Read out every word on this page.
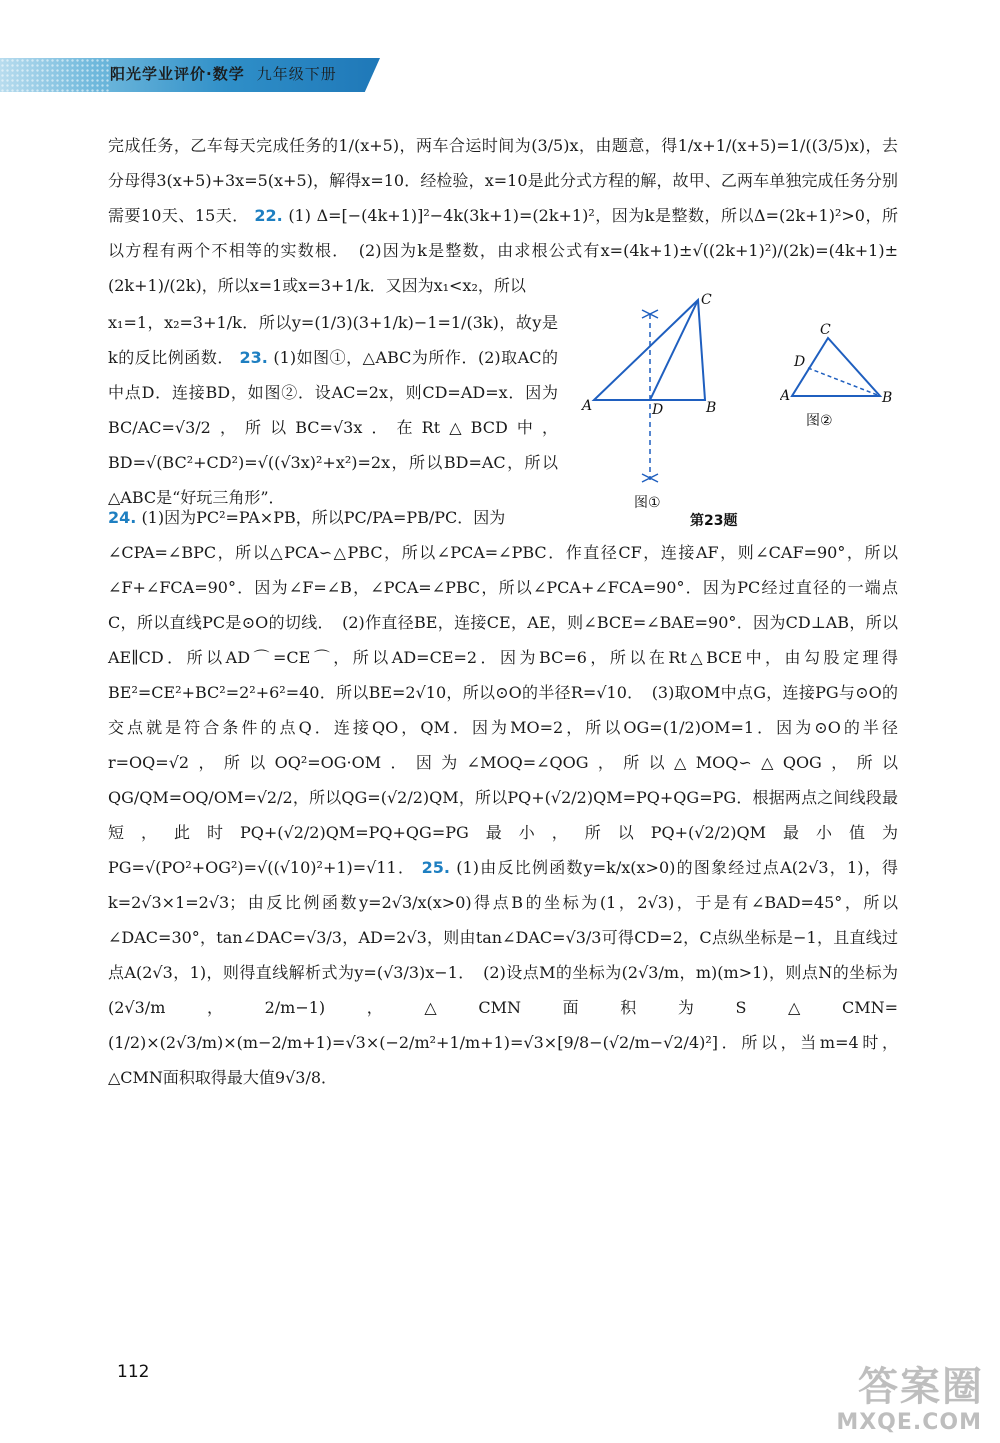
阳光学业评价·数学 九年级下册
完成任务，乙车每天完成任务的1/(x+5)，两车合运时间为(3/5)x，由题意，得1/x+1/(x+5)=1/((3/5)x)，去分母得3(x+5)+3x=5(x+5)，解得x=10．经检验，x=10是此分式方程的解，故甲、乙两车单独完成任务分别需要10天、15天． 22. (1) Δ=[−(4k+1)]²−4k(3k+1)=(2k+1)²，因为k是整数，所以Δ=(2k+1)²>0，所以方程有两个不相等的实数根．　(2)因为k是整数，由求根公式有x=(4k+1)±√((2k+1)²)/(2k)=(4k+1)±(2k+1)/(2k)，所以x=1或x=3+1/k．又因为x₁<x₂，所以
x₁=1，x₂=3+1/k．所以y=(1/3)(3+1/k)−1=1/(3k)，故y是k的反比例函数． 23. (1)如图①，△ABC为所作．(2)取AC的中点D．连接BD，如图②．设AC=2x，则CD=AD=x．因为BC/AC=√3/2，所以BC=√3x．在Rt△BCD中，BD=√(BC²+CD²)=√((√3x)²+x²)=2x，所以BD=AC，所以△ABC是“好玩三角形”．
A	B
C
D
图①
A	B
C
D
图②
第23题
24. (1)因为PC²=PA×PB，所以PC/PA=PB/PC．因为
∠CPA=∠BPC，所以△PCA∽△PBC，所以∠PCA=∠PBC．作直径CF，连接AF，则∠CAF=90°，所以∠F+∠FCA=90°．因为∠F=∠B，∠PCA=∠PBC，所以∠PCA+∠FCA=90°．因为PC经过直径的一端点C，所以直线PC是⊙O的切线．　(2)作直径BE，连接CE，AE，则∠BCE=∠BAE=90°．因为CD⊥AB，所以AE∥CD．所以AD⌒=CE⌒，所以AD=CE=2．因为BC=6，所以在Rt△BCE中，由勾股定理得BE²=CE²+BC²=2²+6²=40．所以BE=2√10，所以⊙O的半径R=√10．　(3)取OM中点G，连接PG与⊙O的交点就是符合条件的点Q．连接QO，QM．因为MO=2，所以OG=(1/2)OM=1．因为⊙O的半径r=OQ=√2，所以OQ²=OG·OM．因为∠MOQ=∠QOG，所以△MOQ∽△QOG，所以QG/QM=OQ/OM=√2/2，所以QG=(√2/2)QM，所以PQ+(√2/2)QM=PQ+QG=PG．根据两点之间线段最短，此时PQ+(√2/2)QM=PQ+QG=PG最小，所以PQ+(√2/2)QM最小值为PG=√(PO²+OG²)=√((√10)²+1)=√11． 25. (1)由反比例函数y=k/x(x>0)的图象经过点A(2√3，1)，得k=2√3×1=2√3；由反比例函数y=2√3/x(x>0)得点B的坐标为(1，2√3)，于是有∠BAD=45°，所以∠DAC=30°，tan∠DAC=√3/3，AD=2√3，则由tan∠DAC=√3/3可得CD=2，C点纵坐标是−1，且直线过点A(2√3，1)，则得直线解析式为y=(√3/3)x−1．　(2)设点M的坐标为(2√3/m，m)(m>1)，则点N的坐标为(2√3/m，2/m−1)，△CMN面积为S△CMN=(1/2)×(2√3/m)×(m−2/m+1)=√3×(−2/m²+1/m+1)=√3×[9/8−(√2/m−√2/4)²]．所以，当m=4时，△CMN面积取得最大值9√3/8．
112	答案圈
MXQE.COM
